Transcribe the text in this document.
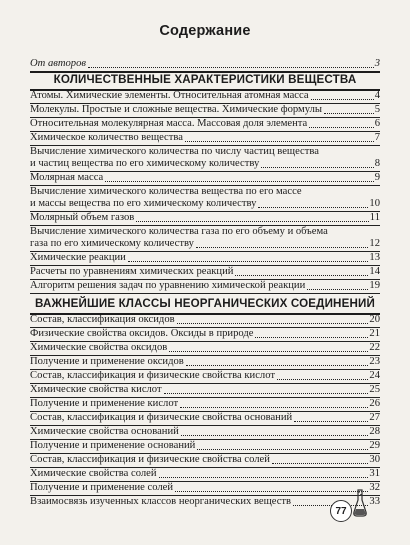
Содержание
От авторов	3
КОЛИЧЕСТВЕННЫЕ ХАРАКТЕРИСТИКИ ВЕЩЕСТВА
Атомы. Химические элементы. Относительная атомная масса	4
Молекулы. Простые и сложные вещества. Химические формулы	5
Относительная молекулярная масса. Массовая доля элемента	6
Химическое количество вещества	7
Вычисление химического количества по числу частиц вещества
и частиц вещества по его химическому количеству	8
Молярная масса	9
Вычисление химического количества вещества по его массе
и массы вещества по его химическому количеству	10
Молярный объем газов	11
Вычисление химического количества газа по его объему и объема
газа по его химическому количеству	12
Химические реакции	13
Расчеты по уравнениям химических реакций	14
Алгоритм решения задач по уравнению химической реакции	19
ВАЖНЕЙШИЕ КЛАССЫ НЕОРГАНИЧЕСКИХ СОЕДИНЕНИЙ
Состав, классификация оксидов	20
Физические свойства оксидов. Оксиды в природе	21
Химические свойства оксидов	22
Получение и применение оксидов	23
Состав, классификация и физические свойства кислот	24
Химические свойства кислот	25
Получение и применение кислот	26
Состав, классификация и физические свойства оснований	27
Химические свойства оснований	28
Получение и применение оснований	29
Состав, классификация и физические свойства солей	30
Химические свойства солей	31
Получение и применение солей	32
Взаимосвязь изученных классов неорганических веществ	33
77
